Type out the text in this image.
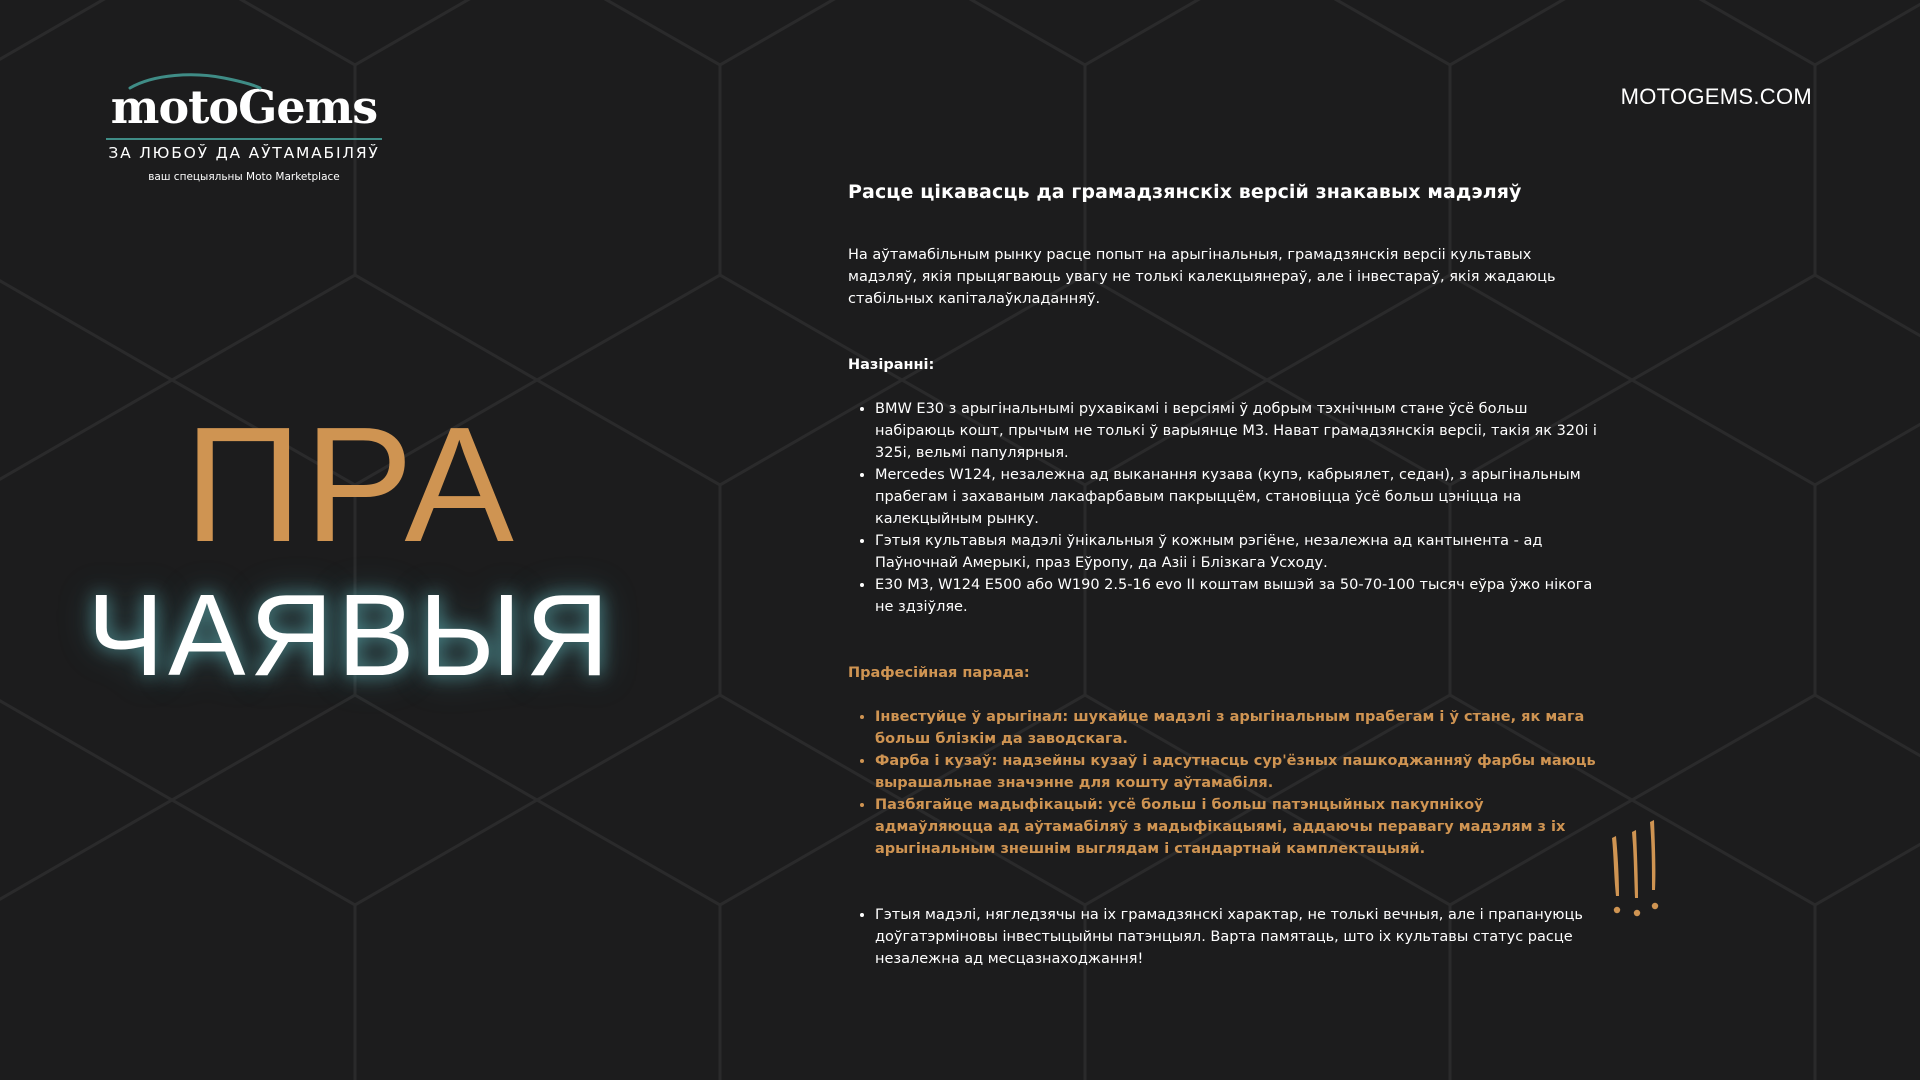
motoGems
ЗА ЛЮБОЎ ДА АЎТАМАБІЛЯЎ
ваш спецыяльны Moto Marketplace
MOTOGEMS.COM
ПРА
ЧАЯВЫЯ
Расце цікавасць да грамадзянскіх версій знакавых мадэляў

На аўтамабільным рынку расце попыт на арыгінальныя, грамадзянскія версіі культавых мадэляў, якія прыцягваюць увагу не толькі калекцыянераў, але і інвестараў, якія жадаюць стабільных капіталаўкладанняў.

Назіранні:
• BMW E30 з арыгінальнымі рухавікамі і версіямі ў добрым тэхнічным стане ўсё больш набіраюць кошт, прычым не толькі ў варыянце M3. Нават грамадзянскія версіі, такія як 320i і 325i, вельмі папулярныя.
• Mercedes W124, незалежна ад выканання кузава (купэ, кабрыялет, седан), з арыгінальным прабегам і захаваным лакафарбавым пакрыццём, становіцца ўсё больш цэніцца на калекцыйным рынку.
• Гэтыя культавыя мадэлі ўнікальныя ў кожным рэгіёне, незалежна ад кантынента - ад Паўночнай Амерыкі, праз Еўропу, да Азіі і Блізкага Усходу.
• E30 M3, W124 E500 або W190 2.5-16 evo II коштам вышэй за 50-70-100 тысяч еўра ўжо нікога не здзіўляе.
Прафесійная парада:
• Інвестуйце ў арыгінал: шукайце мадэлі з арыгінальным прабегам і ў стане, як мага больш блізкім да заводскага.
• Фарба і кузаў: надзейны кузаў і адсутнасць сур'ёзных пашкоджанняў фарбы маюць вырашальнае значэнне для кошту аўтамабіля.
• Пазбягайце мадыфікацый: усё больш і больш патэнцыйных пакупнікоў адмаўляюцца ад аўтамабіляў з мадыфікацыямі, аддаючы перавагу мадэлям з іх арыгінальным знешнім выглядам і стандартнай камплектацыяй.
• Гэтыя мадэлі, нягледзячы на іх грамадзянскі характар, не толькі вечныя, але і прапануюць доўгатэрміновы інвестыцыйны патэнцыял. Варта памятаць, што іх культавы статус расце незалежна ад месцазнаходжання!
